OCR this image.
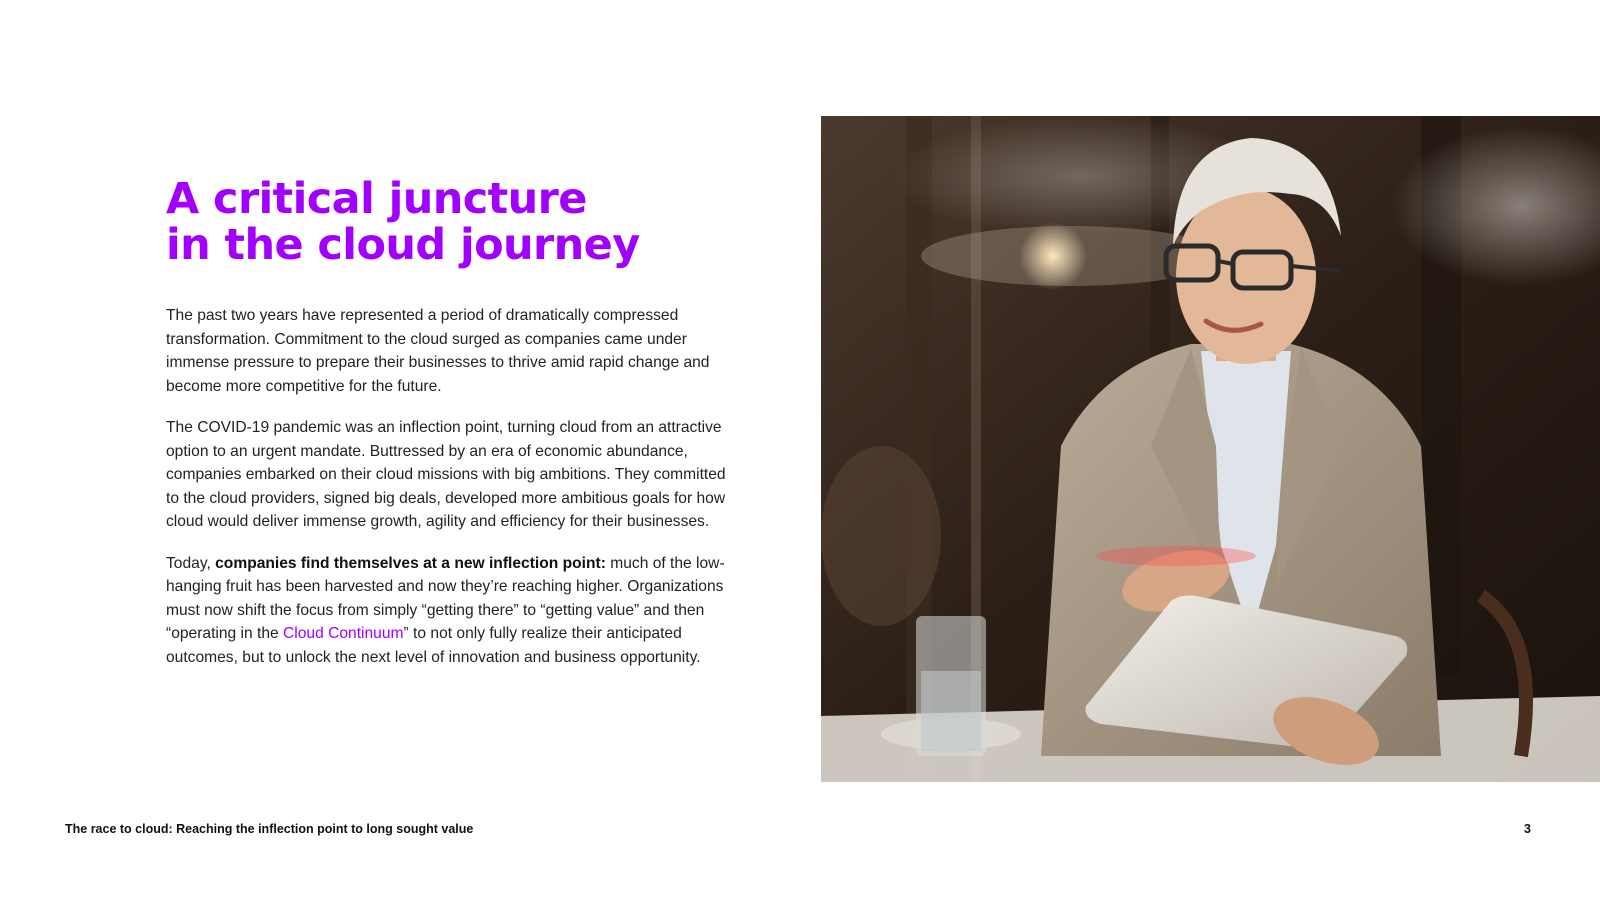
A critical juncture
in the cloud journey

The past two years have represented a period of dramatically compressed transformation. Commitment to the cloud surged as companies came under immense pressure to prepare their businesses to thrive amid rapid change and become more competitive for the future.

The COVID-19 pandemic was an inflection point, turning cloud from an attractive option to an urgent mandate. Buttressed by an era of economic abundance, companies embarked on their cloud missions with big ambitions. They committed to the cloud providers, signed big deals, developed more ambitious goals for how cloud would deliver immense growth, agility and efficiency for their businesses.

Today, companies find themselves at a new inflection point: much of the low-hanging fruit has been harvested and now they’re reaching higher. Organizations must now shift the focus from simply “getting there” to “getting value” and then “operating in the Cloud Continuum” to not only fully realize their anticipated outcomes, but to unlock the next level of innovation and business opportunity.

The race to cloud: Reaching the inflection point to long sought value	3
